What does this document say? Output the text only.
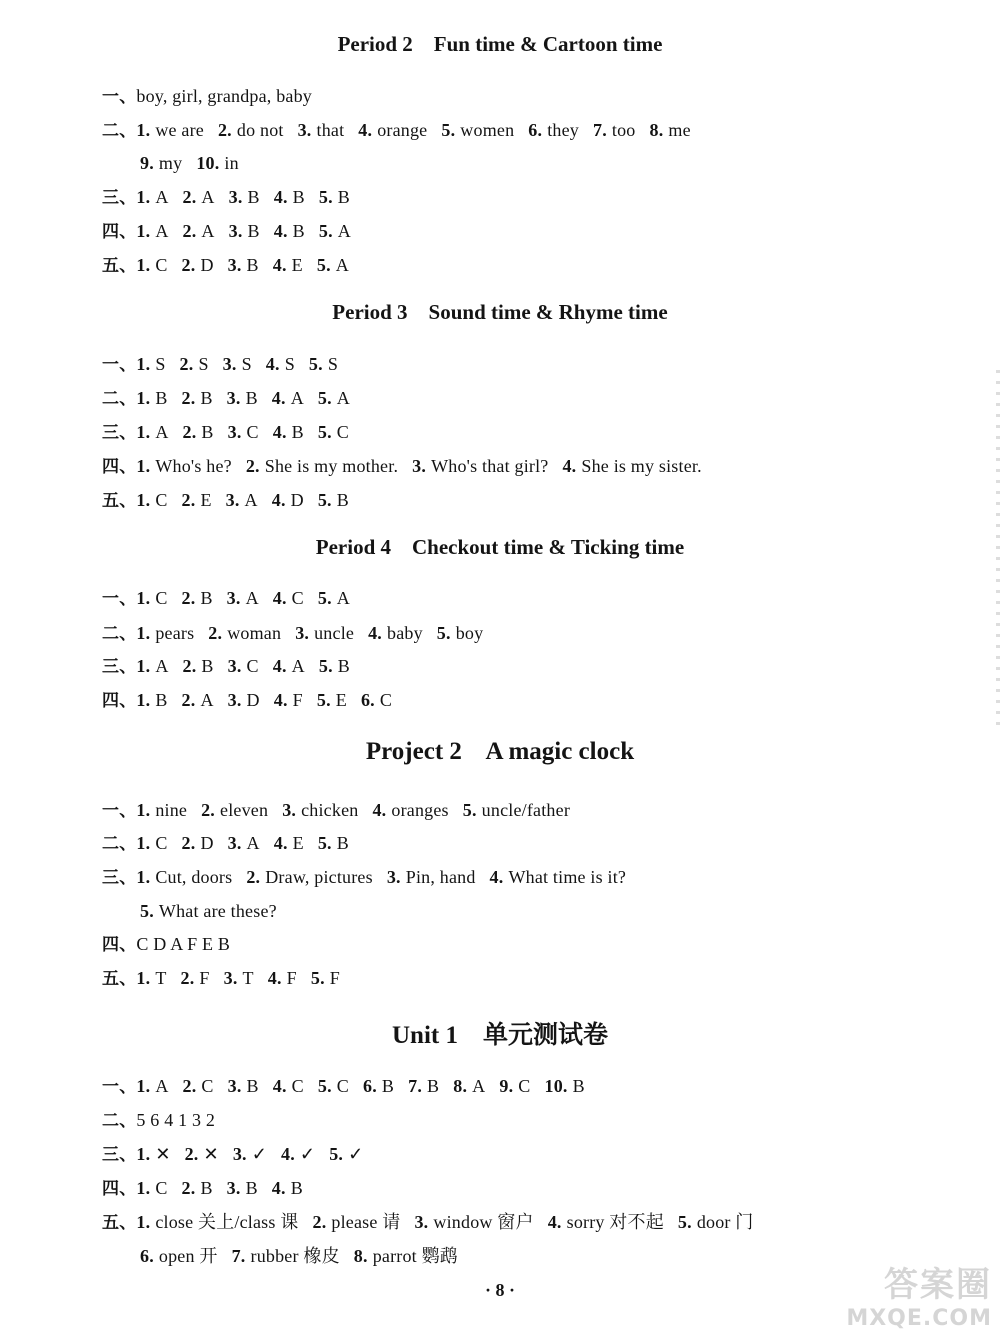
Period 2    Fun time & Cartoon time
一、boy, girl, grandpa, baby
二、1. we are 2. do not 3. that 4. orange 5. women 6. they 7. too 8. me
9. my 10. in
三、1. A 2. A 3. B 4. B 5. B
四、1. A 2. A 3. B 4. B 5. A
五、1. C 2. D 3. B 4. E 5. A
Period 3    Sound time & Rhyme time
一、1. S 2. S 3. S 4. S 5. S
二、1. B 2. B 3. B 4. A 5. A
三、1. A 2. B 3. C 4. B 5. C
四、1. Who's he? 2. She is my mother. 3. Who's that girl? 4. She is my sister.
五、1. C 2. E 3. A 4. D 5. B
Period 4    Checkout time & Ticking time
一、1. C 2. B 3. A 4. C 5. A
二、1. pears 2. woman 3. uncle 4. baby 5. boy
三、1. A 2. B 3. C 4. A 5. B
四、1. B 2. A 3. D 4. F 5. E 6. C
Project 2    A magic clock
一、1. nine 2. eleven 3. chicken 4. oranges 5. uncle/father
二、1. C 2. D 3. A 4. E 5. B
三、1. Cut, doors 2. Draw, pictures 3. Pin, hand 4. What time is it?
5. What are these?
四、C D A F E B
五、1. T 2. F 3. T 4. F 5. F
Unit 1    单元测试卷
一、1. A 2. C 3. B 4. C 5. C 6. B 7. B 8. A 9. C 10. B
二、5 6 4 1 3 2
三、1. ✕ 2. ✕ 3. ✓ 4. ✓ 5. ✓
四、1. C 2. B 3. B 4. B
五、1. close 关上/class 课 2. please 请 3. window 窗户 4. sorry 对不起 5. door 门
6. open 开 7. rubber 橡皮 8. parrot 鹦鹉
· 8 ·	答案圈
MXQE.COM
